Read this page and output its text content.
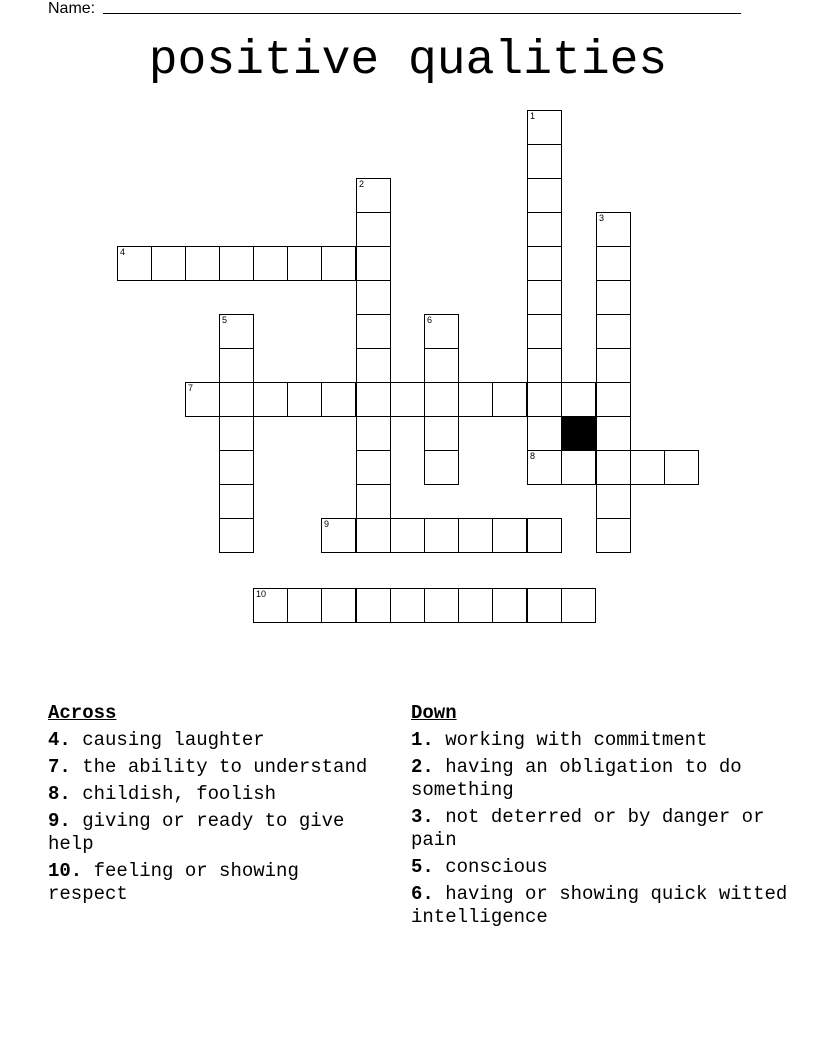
Name:
positive qualities
1
8
2
3
4
5	6
7
9
10
Across
4. causing laughter
7. the ability to understand
8. childish, foolish
9. giving or ready to give help
10. feeling or showing respect
Down
1. working with commitment
2. having an obligation to do something
3. not deterred or by danger or pain
5. conscious
6. having or showing quick witted intelligence
